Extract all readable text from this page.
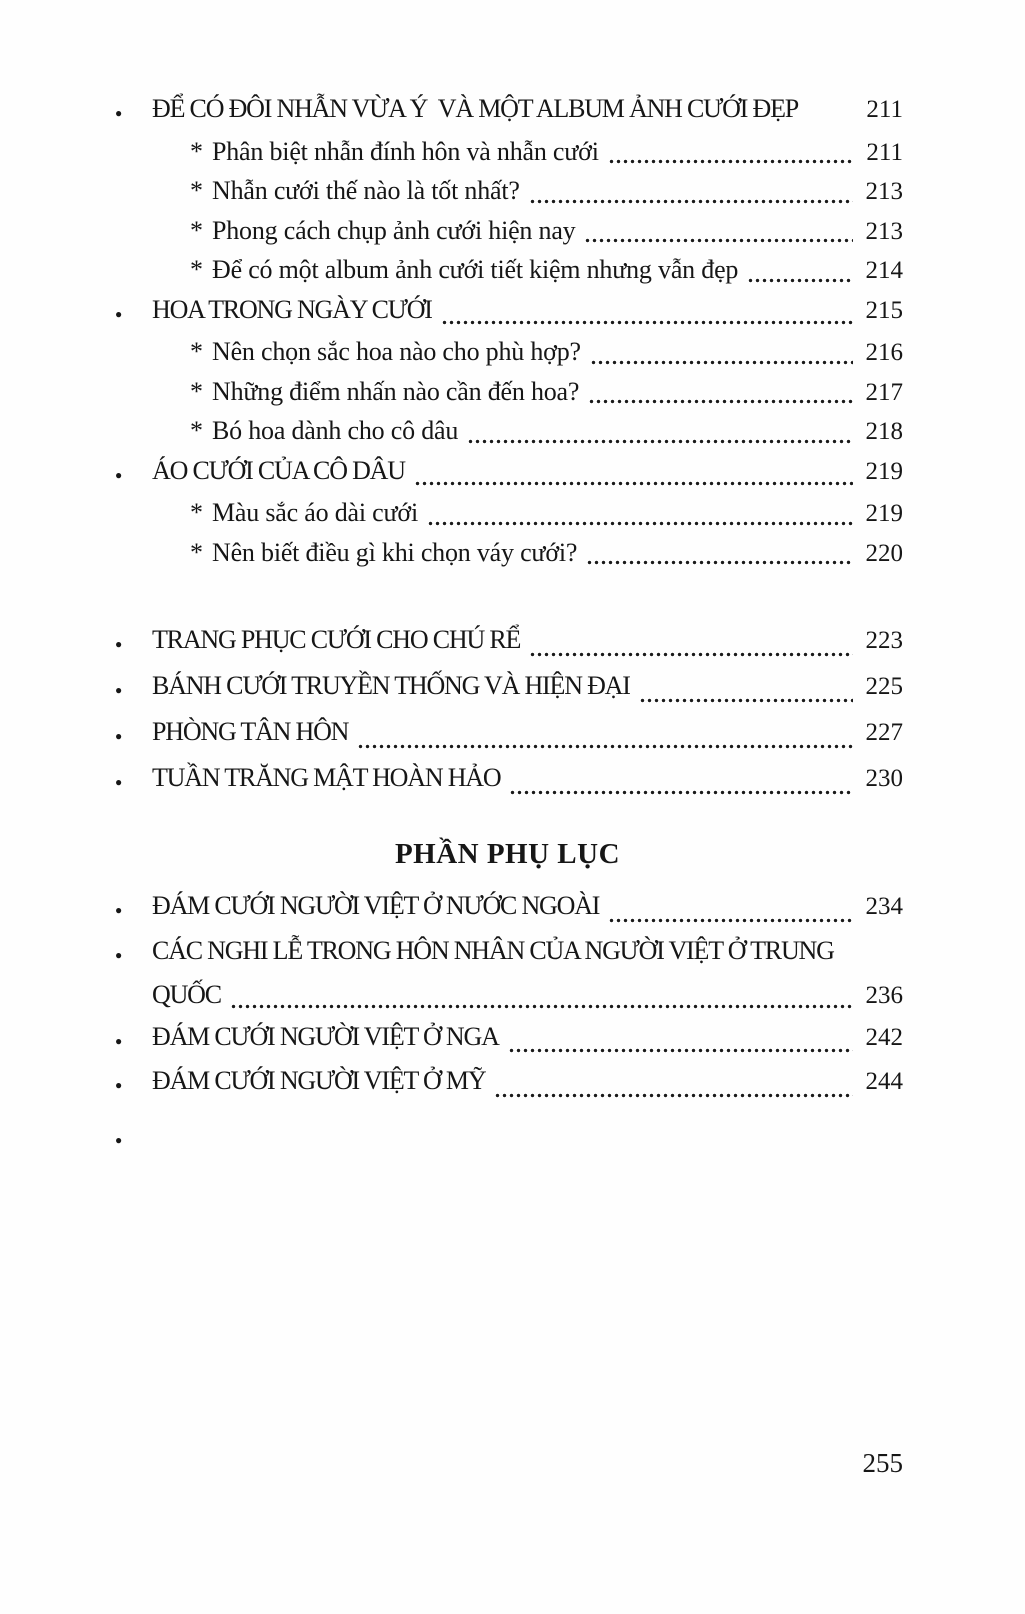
●	ĐỂ CÓ ĐÔI NHẪN VỪA Ý  VÀ MỘT ALBUM ẢNH CƯỚI ĐẸP	211
* Phân biệt nhẫn đính hôn và nhẫn cưới	211
* Nhẫn cưới thế nào là tốt nhất?	213
* Phong cách chụp ảnh cưới hiện nay	213
* Để có một album ảnh cưới tiết kiệm nhưng vẫn đẹp	214
●	HOA TRONG NGÀY CƯỚI	215
* Nên chọn sắc hoa nào cho phù hợp?	216
* Những điểm nhấn nào cần đến hoa?	217
* Bó hoa dành cho cô dâu	218
●	ÁO CƯỚI CỦA CÔ DÂU	219
* Màu sắc áo dài cưới	219
* Nên biết điều gì khi chọn váy cưới?	220
●	TRANG PHỤC CƯỚI CHO CHÚ RỂ	223
●	BÁNH CƯỚI TRUYỀN THỐNG VÀ HIỆN ĐẠI	225
●	PHÒNG TÂN HÔN	227
●	TUẦN TRĂNG MẬT HOÀN HẢO	230
PHẦN PHỤ LỤC
●	ĐÁM CƯỚI NGƯỜI VIỆT Ở NƯỚC NGOÀI	234
●	CÁC NGHI LỄ TRONG HÔN NHÂN CỦA NGƯỜI VIỆT Ở TRUNG
QUỐC	236
●	ĐÁM CƯỚI NGƯỜI VIỆT Ở NGA	242
●	ĐÁM CƯỚI NGƯỜI VIỆT Ở MỸ	244
●
255
